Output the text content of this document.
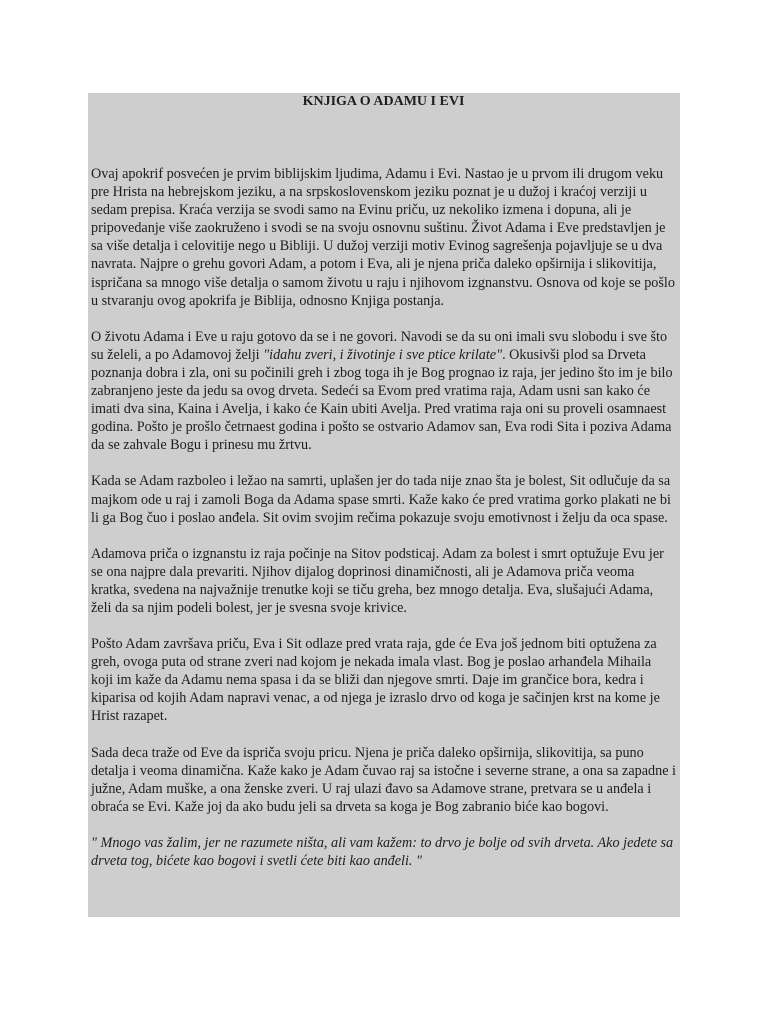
KNJIGA O ADAMU I EVI

Ovaj apokrif posvećen je prvim biblijskim ljudima, Adamu i Evi. Nastao je u prvom ili drugom veku pre Hrista na hebrejskom jeziku, a na srpskoslovenskom jeziku poznat je u dužoj i kraćoj verziji u sedam prepisa. Kraća verzija se svodi samo na Evinu priču, uz nekoliko izmena i dopuna, ali je pripovedanje više zaokruženo i svodi se na svoju osnovnu suštinu. Život Adama i Eve predstavljen je sa više detalja i celovitije nego u Bibliji. U dužoj verziji motiv Evinog sagrešenja pojavljuje se u dva navrata. Najpre o grehu govori Adam, a potom i Eva, ali je njena priča daleko opširnija i slikovitija, ispričana sa mnogo više detalja o samom životu u raju i njihovom izgnanstvu. Osnova od koje se pošlo u stvaranju ovog apokrifa je Biblija, odnosno Knjiga postanja.

O životu Adama i Eve u raju gotovo da se i ne govori. Navodi se da su oni imali svu slobodu i sve što su želeli, a po Adamovoj želji "idahu zveri, i životinje i sve ptice krilate". Okusivši plod sa Drveta poznanja dobra i zla, oni su počinili greh i zbog toga ih je Bog prognao iz raja, jer jedino što im je bilo zabranjeno jeste da jedu sa ovog drveta. Sedeći sa Evom pred vratima raja, Adam usni san kako će imati dva sina, Kaina i Avelja, i kako će Kain ubiti Avelja. Pred vratima raja oni su proveli osamnaest godina. Pošto je prošlo četrnaest godina i pošto se ostvario Adamov san, Eva rodi Sita i poziva Adama da se zahvale Bogu i prinesu mu žrtvu.

Kada se Adam razboleo i ležao na samrti, uplašen jer do tada nije znao šta je bolest, Sit odlučuje da sa majkom ode u raj i zamoli Boga da Adama spase smrti. Kaže kako će pred vratima gorko plakati ne bi li ga Bog čuo i poslao anđela. Sit ovim svojim rečima pokazuje svoju emotivnost i želju da oca spase.

Adamova priča o izgnanstu iz raja počinje na Sitov podsticaj. Adam za bolest i smrt optužuje Evu jer se ona najpre dala prevariti. Njihov dijalog doprinosi dinamičnosti, ali je Adamova priča veoma kratka, svedena na najvažnije trenutke koji se tiču greha, bez mnogo detalja. Eva, slušajući Adama, želi da sa njim podeli bolest, jer je svesna svoje krivice.

Pošto Adam završava priču, Eva i Sit odlaze pred vrata raja, gde će Eva još jednom biti optužena za greh, ovoga puta od strane zveri nad kojom je nekada imala vlast. Bog je poslao arhanđela Mihaila koji im kaže da Adamu nema spasa i da se bliži dan njegove smrti. Daje im grančice bora, kedra i kiparisa od kojih Adam napravi venac, a od njega je izraslo drvo od koga je sačinjen krst na kome je Hrist razapet.

Sada deca traže od Eve da ispriča svoju pricu. Njena je priča daleko opširnija, slikovitija, sa puno detalja i veoma dinamična. Kaže kako je Adam čuvao raj sa istočne i severne strane, a ona sa zapadne i južne, Adam muške, a ona ženske zveri. U raj ulazi đavo sa Adamove strane, pretvara se u anđela i obraća se Evi. Kaže joj da ako budu jeli sa drveta sa koga je Bog zabranio biće kao bogovi.

" Mnogo vas žalim, jer ne razumete ništa, ali vam kažem: to drvo je bolje od svih drveta. Ako jedete sa drveta tog, bićete kao bogovi i svetli ćete biti kao anđeli. "
